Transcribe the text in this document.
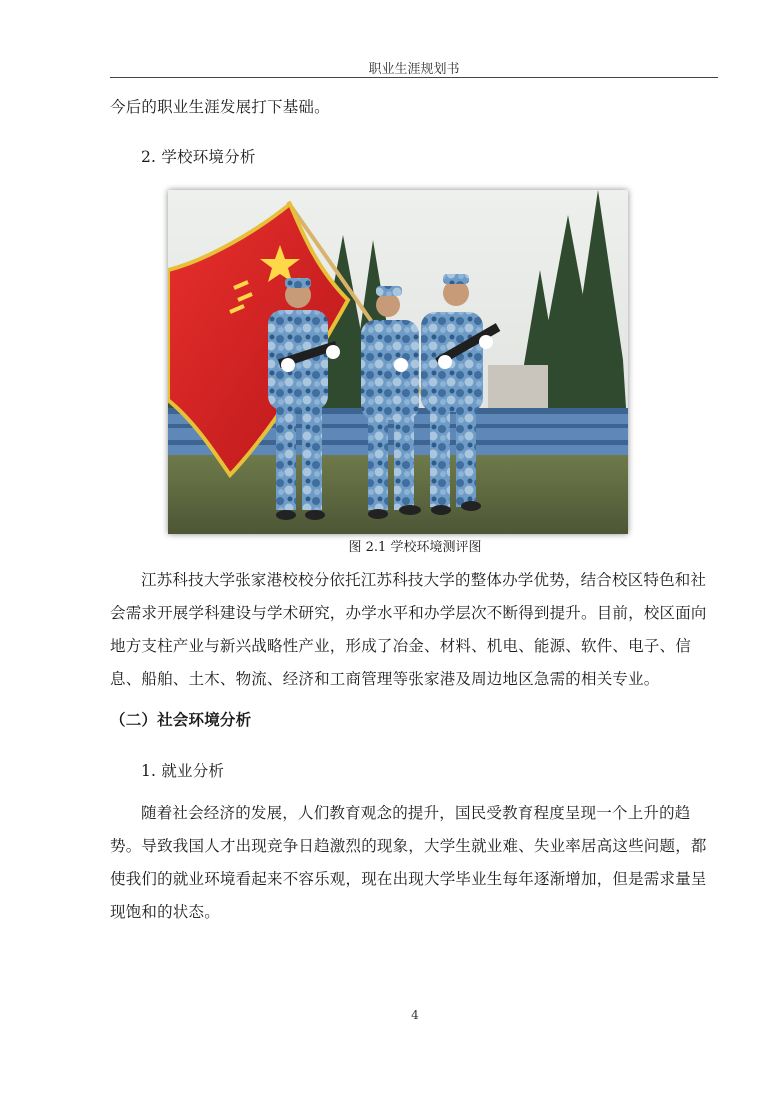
职业生涯规划书
今后的职业生涯发展打下基础。
2. 学校环境分析
图 2.1 学校环境测评图
江苏科技大学张家港校校分依托江苏科技大学的整体办学优势，结合校区特色和社会需求开展学科建设与学术研究，办学水平和办学层次不断得到提升。目前，校区面向地方支柱产业与新兴战略性产业，形成了冶金、材料、机电、能源、软件、电子、信息、船舶、土木、物流、经济和工商管理等张家港及周边地区急需的相关专业。
（二）社会环境分析
1. 就业分析
随着社会经济的发展，人们教育观念的提升，国民受教育程度呈现一个上升的趋势。导致我国人才出现竞争日趋激烈的现象，大学生就业难、失业率居高这些问题，都使我们的就业环境看起来不容乐观，现在出现大学毕业生每年逐渐增加，但是需求量呈现饱和的状态。
4
